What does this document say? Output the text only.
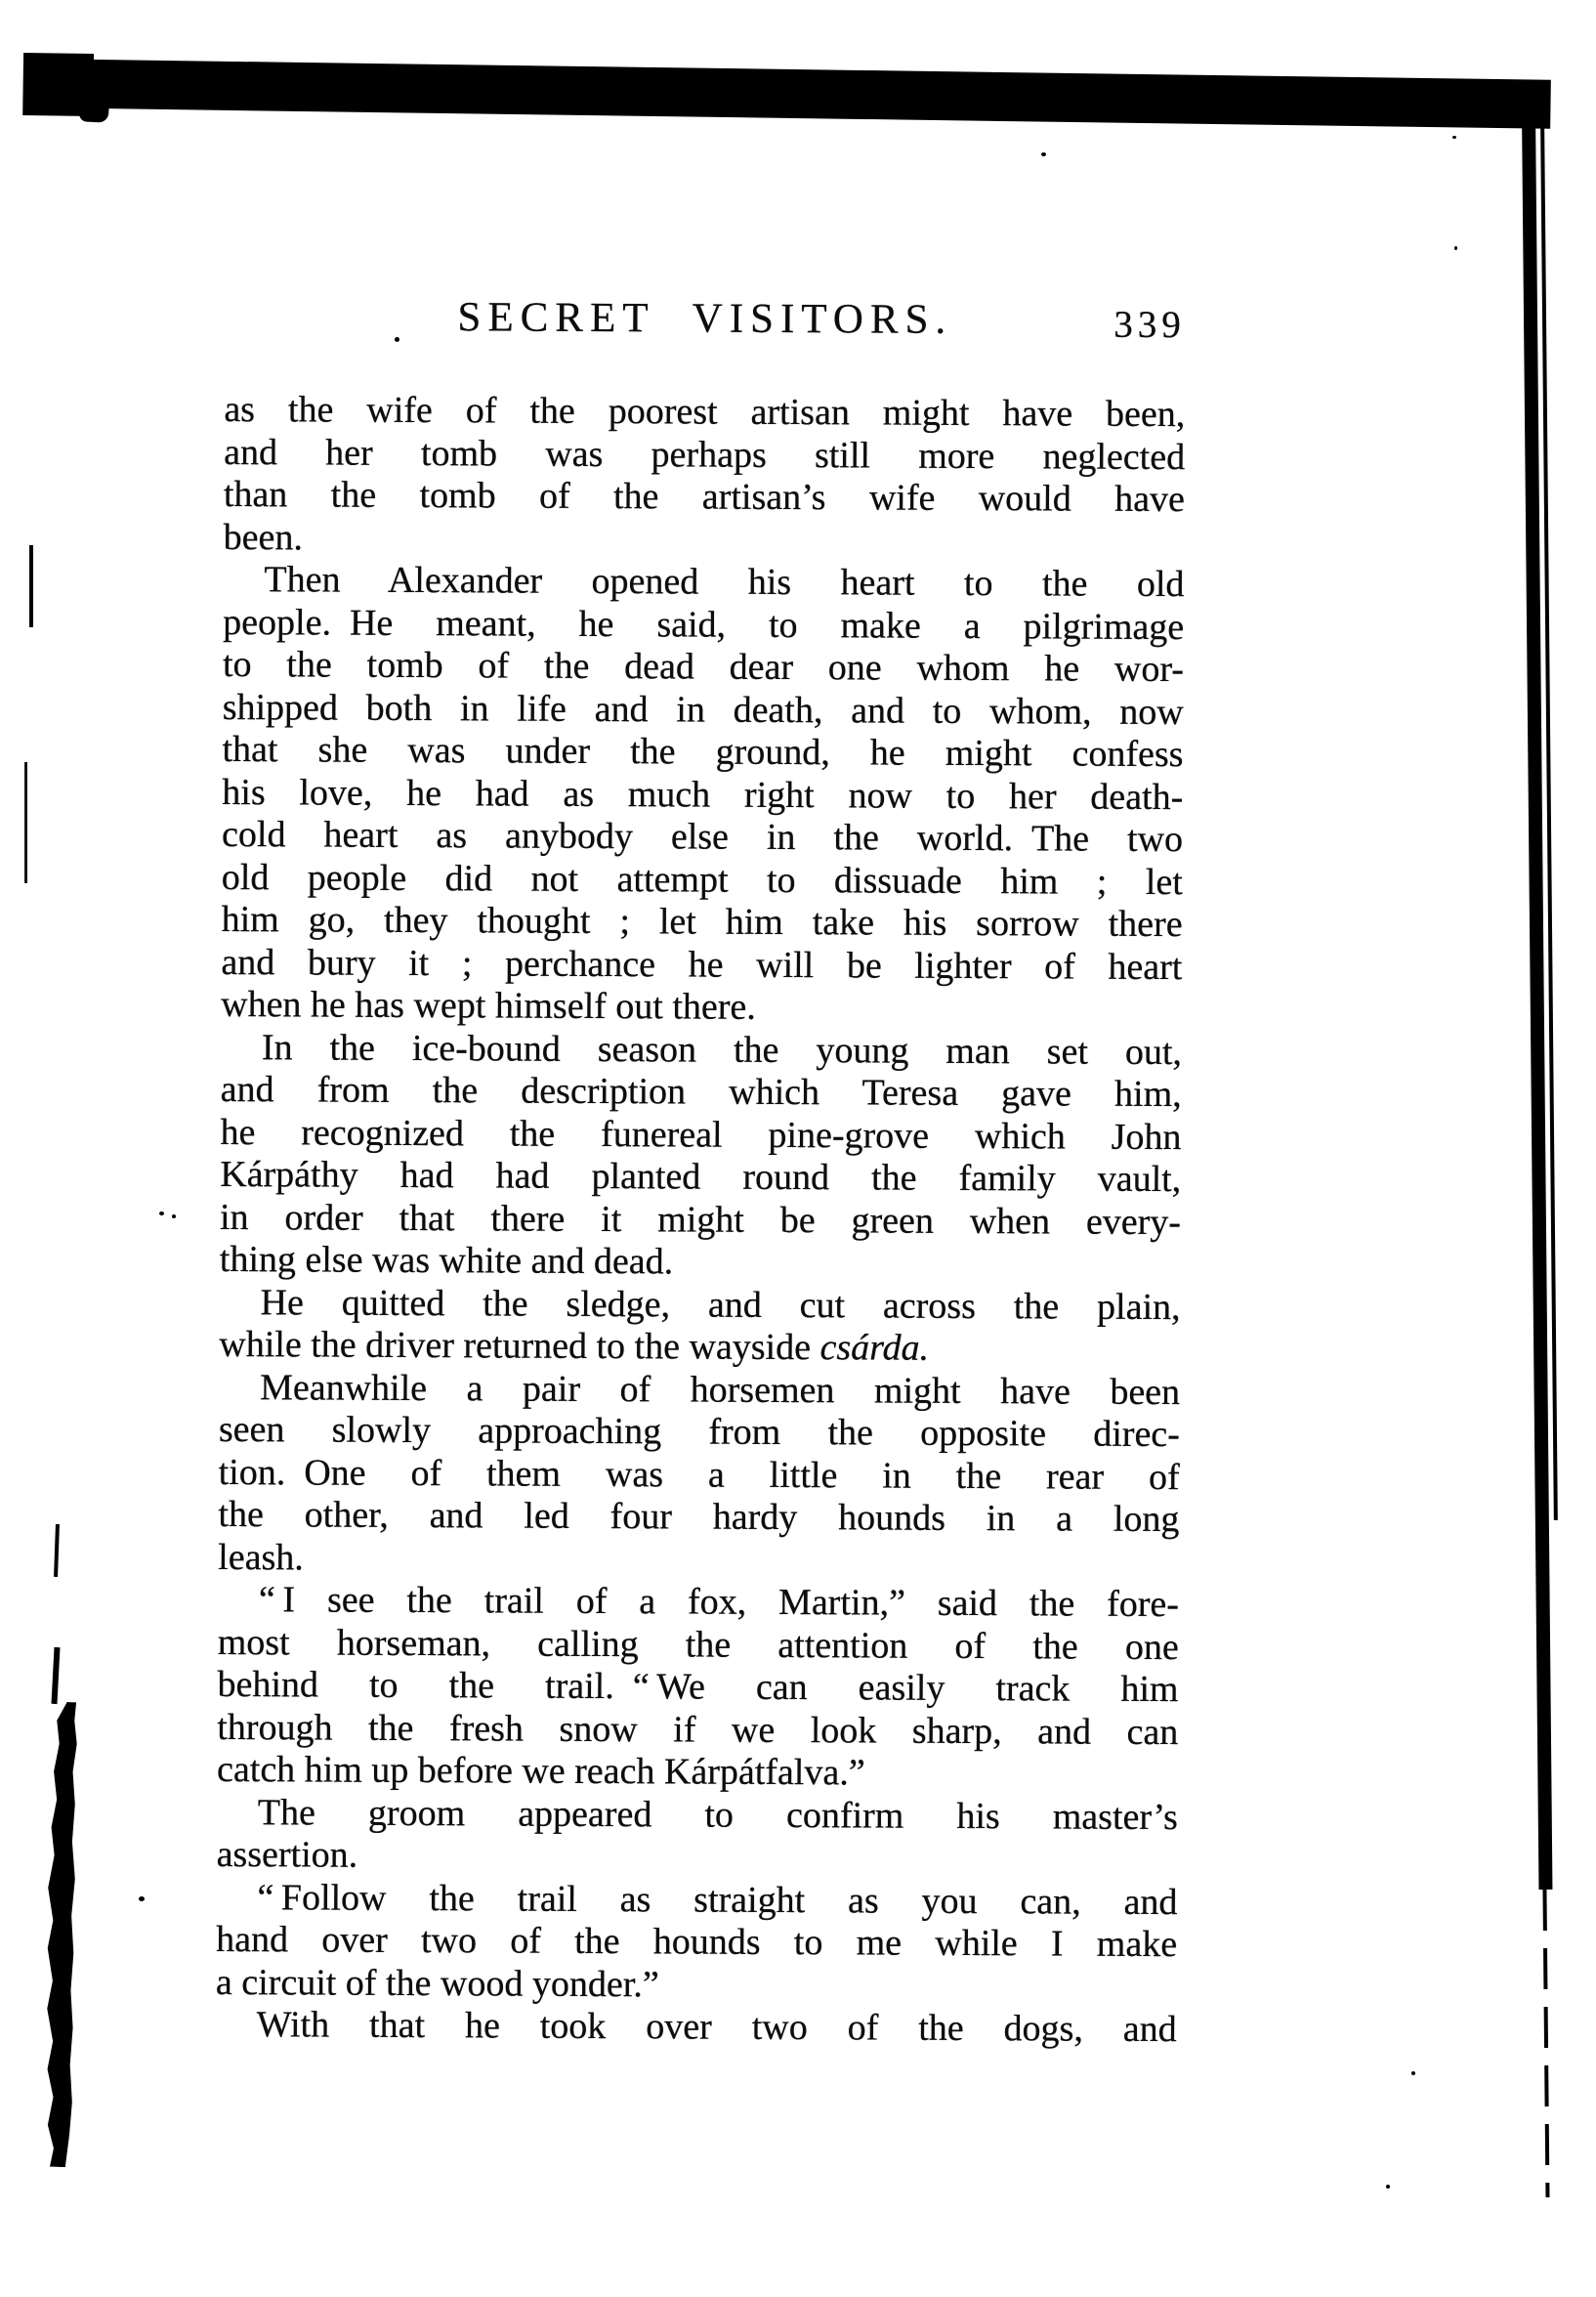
SECRET VISITORS.	339
as the wife of the poorest artisan might have been,
and her tomb was perhaps still more neglected
than the tomb of the artisan’s wife would have
been.
Then Alexander opened his heart to the old
people. He meant, he said, to make a pilgrimage
to the tomb of the dead dear one whom he wor-
shipped both in life and in death, and to whom, now
that she was under the ground, he might confess
his love, he had as much right now to her death-
cold heart as anybody else in the world. The two
old people did not attempt to dissuade him ; let
him go, they thought ; let him take his sorrow there
and bury it ; perchance he will be lighter of heart
when he has wept himself out there.
In the ice-bound season the young man set out,
and from the description which Teresa gave him,
he recognized the funereal pine-grove which John
Kárpáthy had had planted round the family vault,
in order that there it might be green when every-
thing else was white and dead.
He quitted the sledge, and cut across the plain,
while the driver returned to the wayside csárda.
Meanwhile a pair of horsemen might have been
seen slowly approaching from the opposite direc-
tion. One of them was a little in the rear of
the other, and led four hardy hounds in a long
leash.
“ I see the trail of a fox, Martin,” said the fore-
most horseman, calling the attention of the one
behind to the trail. “ We can easily track him
through the fresh snow if we look sharp, and can
catch him up before we reach Kárpátfalva.”
The groom appeared to confirm his master’s
assertion.
“ Follow the trail as straight as you can, and
hand over two of the hounds to me while I make
a circuit of the wood yonder.”
With that he took over two of the dogs, and
